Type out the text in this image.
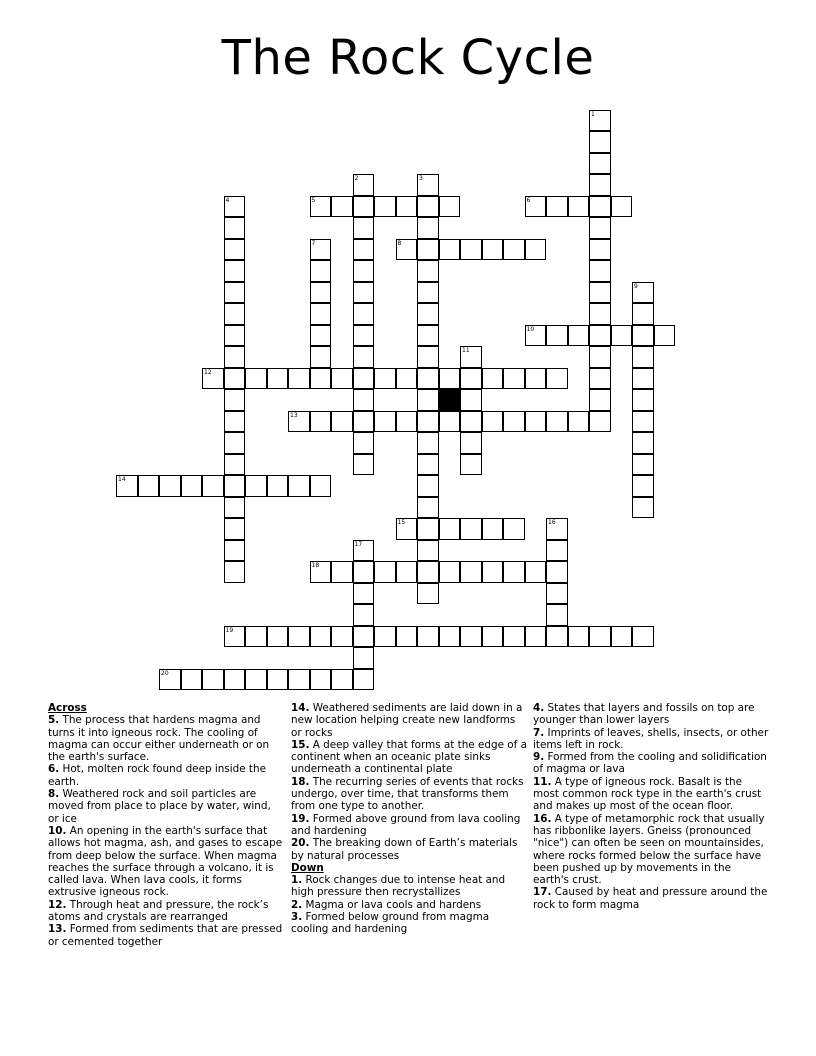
The Rock Cycle
1
2	3
4	5	6
7	8
9
10
11
12
13
14
15	16
17
18
19
20
Across
5. The process that hardens magma and turns it into igneous rock. The cooling of magma can occur either underneath or on the earth's surface.
6. Hot, molten rock found deep inside the earth.
8. Weathered rock and soil particles are moved from place to place by water, wind, or ice
10. An opening in the earth's surface that allows hot magma, ash, and gases to escape from deep below the surface. When magma reaches the surface through a volcano, it is called lava. When lava cools, it forms extrusive igneous rock.
12. Through heat and pressure, the rock’s atoms and crystals are rearranged
13. Formed from sediments that are pressed or cemented together
14. Weathered sediments are laid down in a new location helping create new landforms or rocks
15. A deep valley that forms at the edge of a continent when an oceanic plate sinks underneath a continental plate
18. The recurring series of events that rocks undergo, over time, that transforms them from one type to another.
19. Formed above ground from lava cooling and hardening
20. The breaking down of Earth’s materials by natural processes
Down
1. Rock changes due to intense heat and high pressure then recrystallizes
2. Magma or lava cools and hardens
3. Formed below ground from magma cooling and hardening
4. States that layers and fossils on top are younger than lower layers
7. Imprints of leaves, shells, insects, or other items left in rock.
9. Formed from the cooling and solidification of magma or lava
11. A type of igneous rock. Basalt is the most common rock type in the earth's crust and makes up most of the ocean floor.
16. A type of metamorphic rock that usually has ribbonlike layers. Gneiss (pronounced "nice") can often be seen on mountainsides, where rocks formed below the surface have been pushed up by movements in the earth's crust.
17. Caused by heat and pressure around the rock to form magma
